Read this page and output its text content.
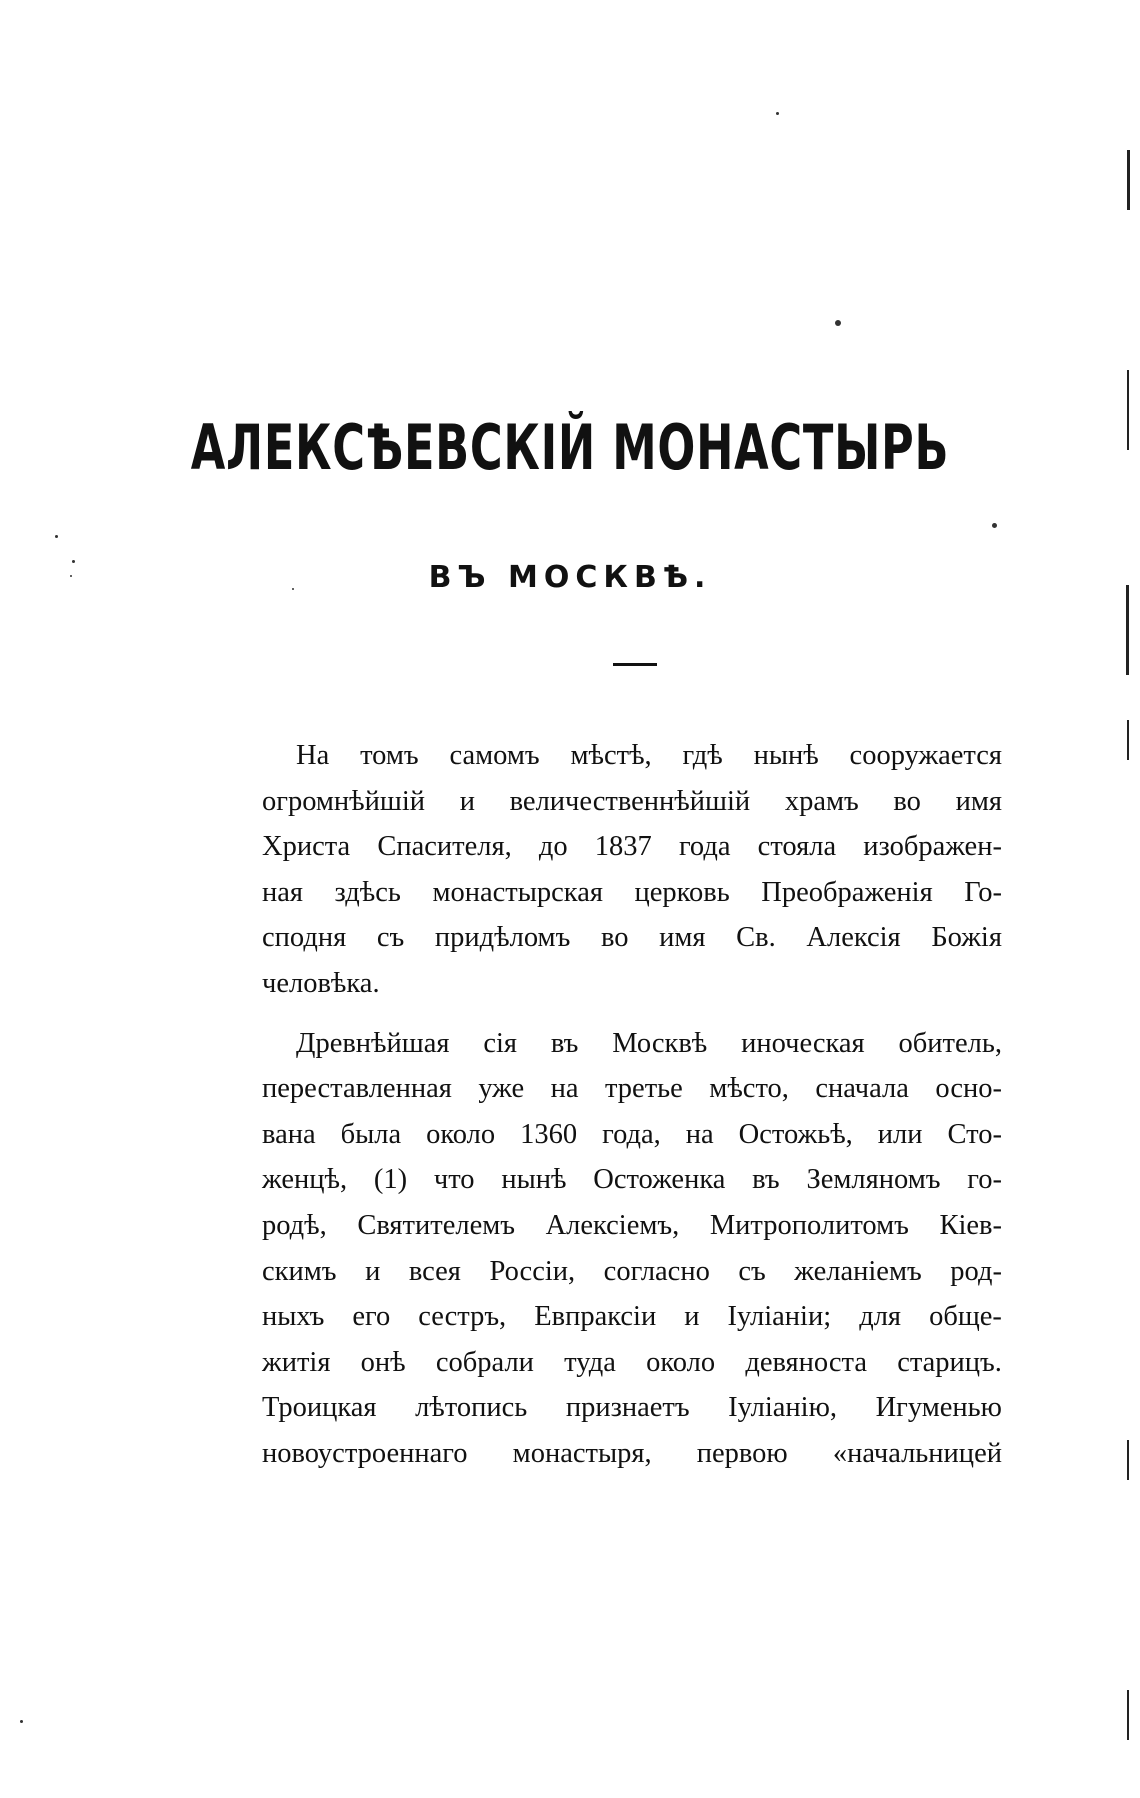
АЛЕКСѢЕВСКІЙ МОНАСТЫРЬ
ВЪ МОСКВѢ.
На томъ самомъ мѣстѣ, гдѣ нынѣ сооружается
огромнѣйшій и величественнѣйшій храмъ во имя
Христа Спасителя, до 1837 года стояла изображен-
ная здѣсь монастырская церковь Преображенія Го-
сподня съ придѣломъ во имя Св. Алексія Божія
человѣка.
Древнѣйшая сія въ Москвѣ иноческая обитель,
переставленная уже на третье мѣсто, сначала осно-
вана была около 1360 года, на Остожьѣ, или Сто-
женцѣ, (1) что нынѣ Остоженка въ Земляномъ го-
родѣ, Святителемъ Алексіемъ, Митрополитомъ Кіев-
скимъ и всея Россіи, согласно съ желаніемъ род-
ныхъ его сестръ, Евпраксіи и Іуліаніи; для обще-
житія онѣ собрали туда около девяноста старицъ.
Троицкая лѣтопись признаетъ Іуліанію, Игуменью
новоустроеннаго монастыря, первою «начальницей
